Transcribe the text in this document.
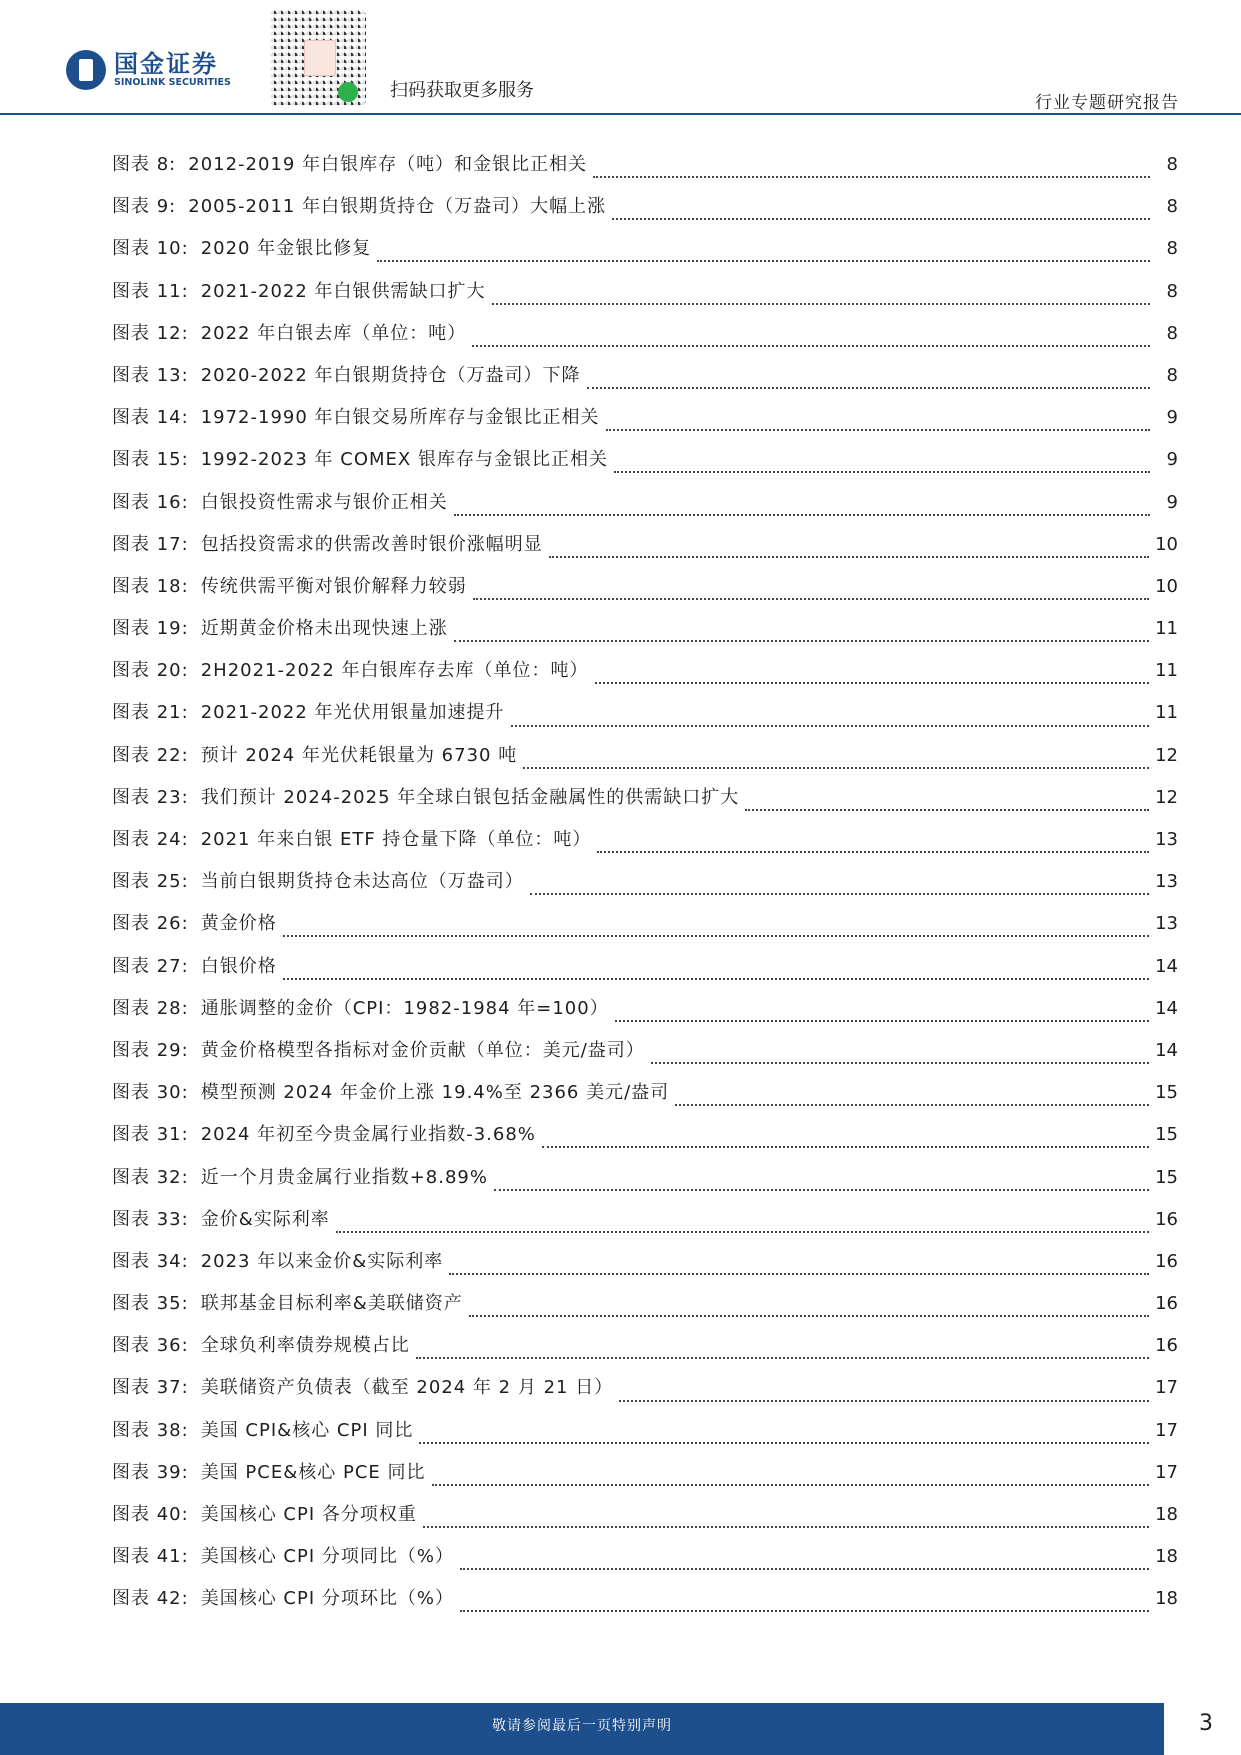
国金证券
SINOLINK SECURITIES	扫码获取更多服务
行业专题研究报告
图表 8: 2012-2019 年白银库存（吨）和金银比正相关	8
图表 9: 2005-2011 年白银期货持仓（万盎司）大幅上涨	8
图表 10: 2020 年金银比修复	8
图表 11: 2021-2022 年白银供需缺口扩大	8
图表 12: 2022 年白银去库（单位：吨）	8
图表 13: 2020-2022 年白银期货持仓（万盎司）下降	8
图表 14: 1972-1990 年白银交易所库存与金银比正相关	9
图表 15: 1992-2023 年 COMEX 银库存与金银比正相关	9
图表 16: 白银投资性需求与银价正相关	9
图表 17: 包括投资需求的供需改善时银价涨幅明显	10
图表 18: 传统供需平衡对银价解释力较弱	10
图表 19: 近期黄金价格未出现快速上涨	11
图表 20: 2H2021-2022 年白银库存去库（单位：吨）	11
图表 21: 2021-2022 年光伏用银量加速提升	11
图表 22: 预计 2024 年光伏耗银量为 6730 吨	12
图表 23: 我们预计 2024-2025 年全球白银包括金融属性的供需缺口扩大	12
图表 24: 2021 年来白银 ETF 持仓量下降（单位：吨）	13
图表 25: 当前白银期货持仓未达高位（万盎司）	13
图表 26: 黄金价格	13
图表 27: 白银价格	14
图表 28: 通胀调整的金价（CPI：1982-1984 年=100）	14
图表 29: 黄金价格模型各指标对金价贡献（单位：美元/盎司）	14
图表 30: 模型预测 2024 年金价上涨 19.4%至 2366 美元/盎司	15
图表 31: 2024 年初至今贵金属行业指数-3.68%	15
图表 32: 近一个月贵金属行业指数+8.89%	15
图表 33: 金价&实际利率	16
图表 34: 2023 年以来金价&实际利率	16
图表 35: 联邦基金目标利率&美联储资产	16
图表 36: 全球负利率债券规模占比	16
图表 37: 美联储资产负债表（截至 2024 年 2 月 21 日）	17
图表 38: 美国 CPI&核心 CPI 同比	17
图表 39: 美国 PCE&核心 PCE 同比	17
图表 40: 美国核心 CPI 各分项权重	18
图表 41: 美国核心 CPI 分项同比（%）	18
图表 42: 美国核心 CPI 分项环比（%）	18
敬请参阅最后一页特别声明	3
